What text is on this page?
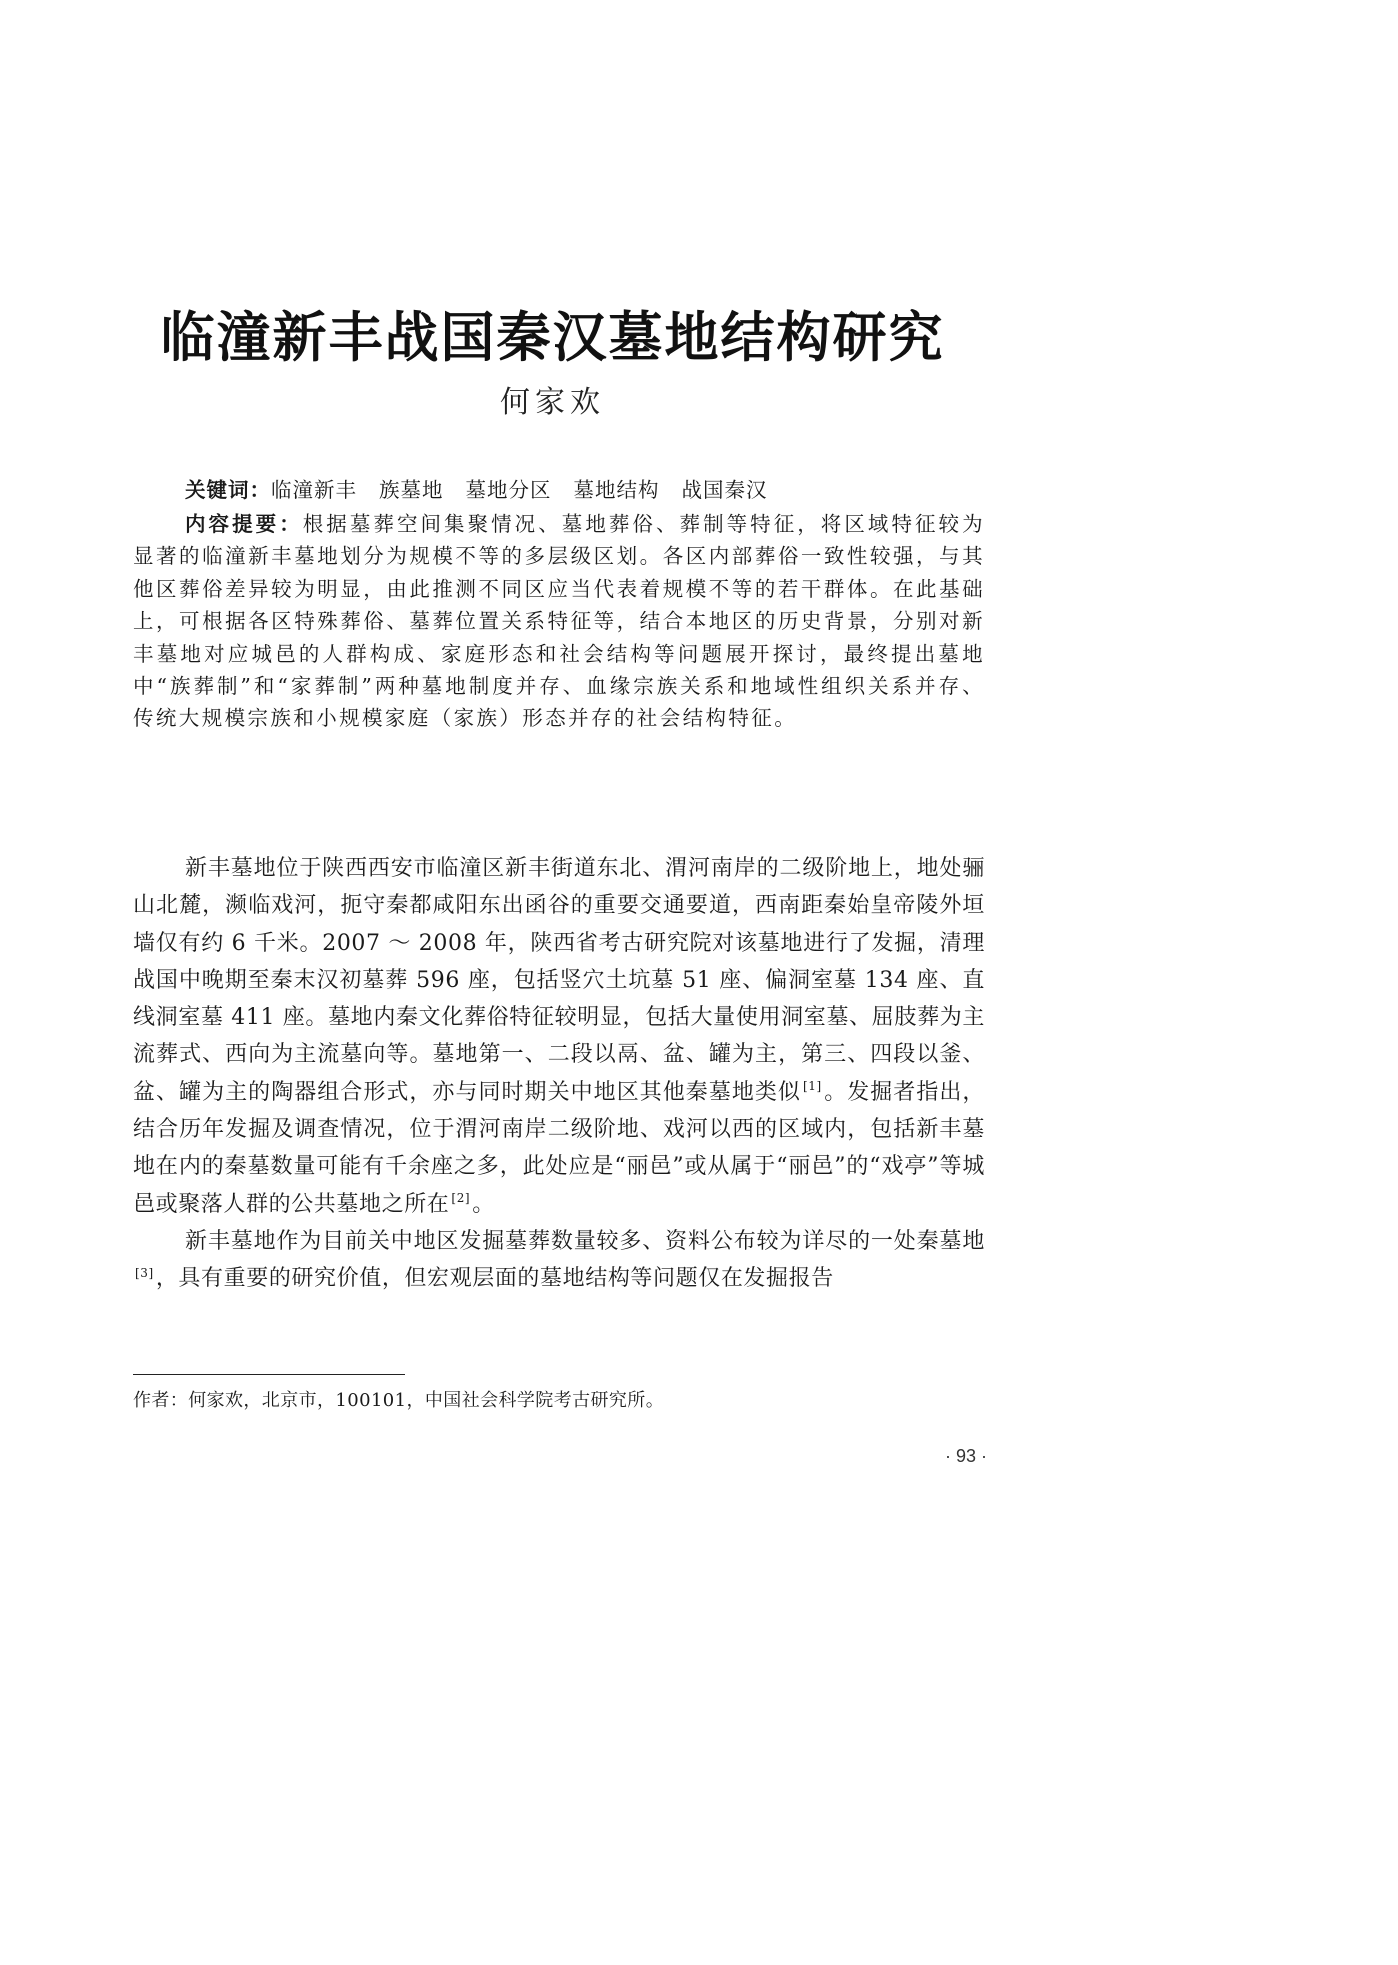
临潼新丰战国秦汉墓地结构研究
何家欢
关键词：临潼新丰 族墓地 墓地分区 墓地结构 战国秦汉
内容提要：根据墓葬空间集聚情况、墓地葬俗、葬制等特征，将区域特征较为显著的临潼新丰墓地划分为规模不等的多层级区划。各区内部葬俗一致性较强，与其他区葬俗差异较为明显，由此推测不同区应当代表着规模不等的若干群体。在此基础上，可根据各区特殊葬俗、墓葬位置关系特征等，结合本地区的历史背景，分别对新丰墓地对应城邑的人群构成、家庭形态和社会结构等问题展开探讨，最终提出墓地中“族葬制”和“家葬制”两种墓地制度并存、血缘宗族关系和地域性组织关系并存、传统大规模宗族和小规模家庭（家族）形态并存的社会结构特征。

新丰墓地位于陕西西安市临潼区新丰街道东北、渭河南岸的二级阶地上，地处骊山北麓，濒临戏河，扼守秦都咸阳东出函谷的重要交通要道，西南距秦始皇帝陵外垣墙仅有约 6 千米。2007 ～ 2008 年，陕西省考古研究院对该墓地进行了发掘，清理战国中晚期至秦末汉初墓葬 596 座，包括竖穴土坑墓 51 座、偏洞室墓 134 座、直线洞室墓 411 座。墓地内秦文化葬俗特征较明显，包括大量使用洞室墓、屈肢葬为主流葬式、西向为主流墓向等。墓地第一、二段以鬲、盆、罐为主，第三、四段以釜、盆、罐为主的陶器组合形式，亦与同时期关中地区其他秦墓地类似 [1]。发掘者指出，结合历年发掘及调查情况，位于渭河南岸二级阶地、戏河以西的区域内，包括新丰墓地在内的秦墓数量可能有千余座之多，此处应是“丽邑”或从属于“丽邑”的“戏亭”等城邑或聚落人群的公共墓地之所在 [2]。

新丰墓地作为目前关中地区发掘墓葬数量较多、资料公布较为详尽的一处秦墓地[3]，具有重要的研究价值，但宏观层面的墓地结构等问题仅在发掘报告

作者：何家欢，北京市，100101，中国社会科学院考古研究所。
· 93 ·
